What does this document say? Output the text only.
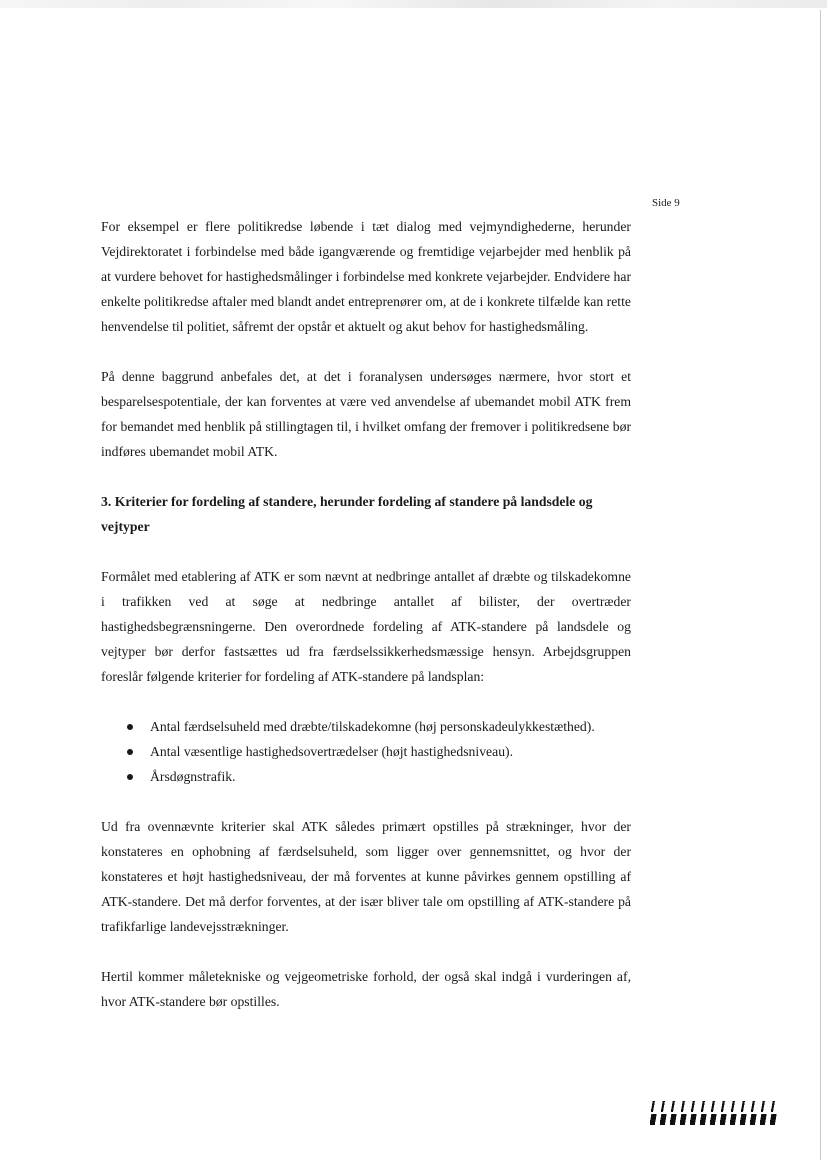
Side 9

For eksempel er flere politikredse løbende i tæt dialog med vejmyndighederne, herunder Vejdirektoratet i forbindelse med både igangværende og fremtidige vejarbejder med henblik på at vurdere behovet for hastighedsmålinger i forbindelse med konkrete vejarbejder. Endvidere har enkelte politikredse aftaler med blandt andet entreprenører om, at de i konkrete tilfælde kan rette henvendelse til politiet, såfremt der opstår et aktuelt og akut behov for hastighedsmåling.

På denne baggrund anbefales det, at det i foranalysen undersøges nærmere, hvor stort et besparelsespotentiale, der kan forventes at være ved anvendelse af ubemandet mobil ATK frem for bemandet med henblik på stillingtagen til, i hvilket omfang der fremover i politikredsene bør indføres ubemandet mobil ATK.

3. Kriterier for fordeling af standere, herunder fordeling af standere på landsdele og vejtyper

Formålet med etablering af ATK er som nævnt at nedbringe antallet af dræbte og tilskadekomne i trafikken ved at søge at nedbringe antallet af bilister, der overtræder hastighedsbegrænsningerne. Den overordnede fordeling af ATK-standere på landsdele og vejtyper bør derfor fastsættes ud fra færdselssikkerhedsmæssige hensyn. Arbejdsgruppen foreslår følgende kriterier for fordeling af ATK-standere på landsplan:

Antal færdselsuheld med dræbte/tilskadekomne (høj personskadeulykkestæthed).
Antal væsentlige hastighedsovertrædelser (højt hastighedsniveau).
Årsdøgnstrafik.

Ud fra ovennævnte kriterier skal ATK således primært opstilles på strækninger, hvor der konstateres en ophobning af færdselsuheld, som ligger over gennemsnittet, og hvor der konstateres et højt hastighedsniveau, der må forventes at kunne påvirkes gennem opstilling af ATK-standere. Det må derfor forventes, at der især bliver tale om opstilling af ATK-standere på trafikfarlige landevejsstrækninger.

Hertil kommer måletekniske og vejgeometriske forhold, der også skal indgå i vurderingen af, hvor ATK-standere bør opstilles.
